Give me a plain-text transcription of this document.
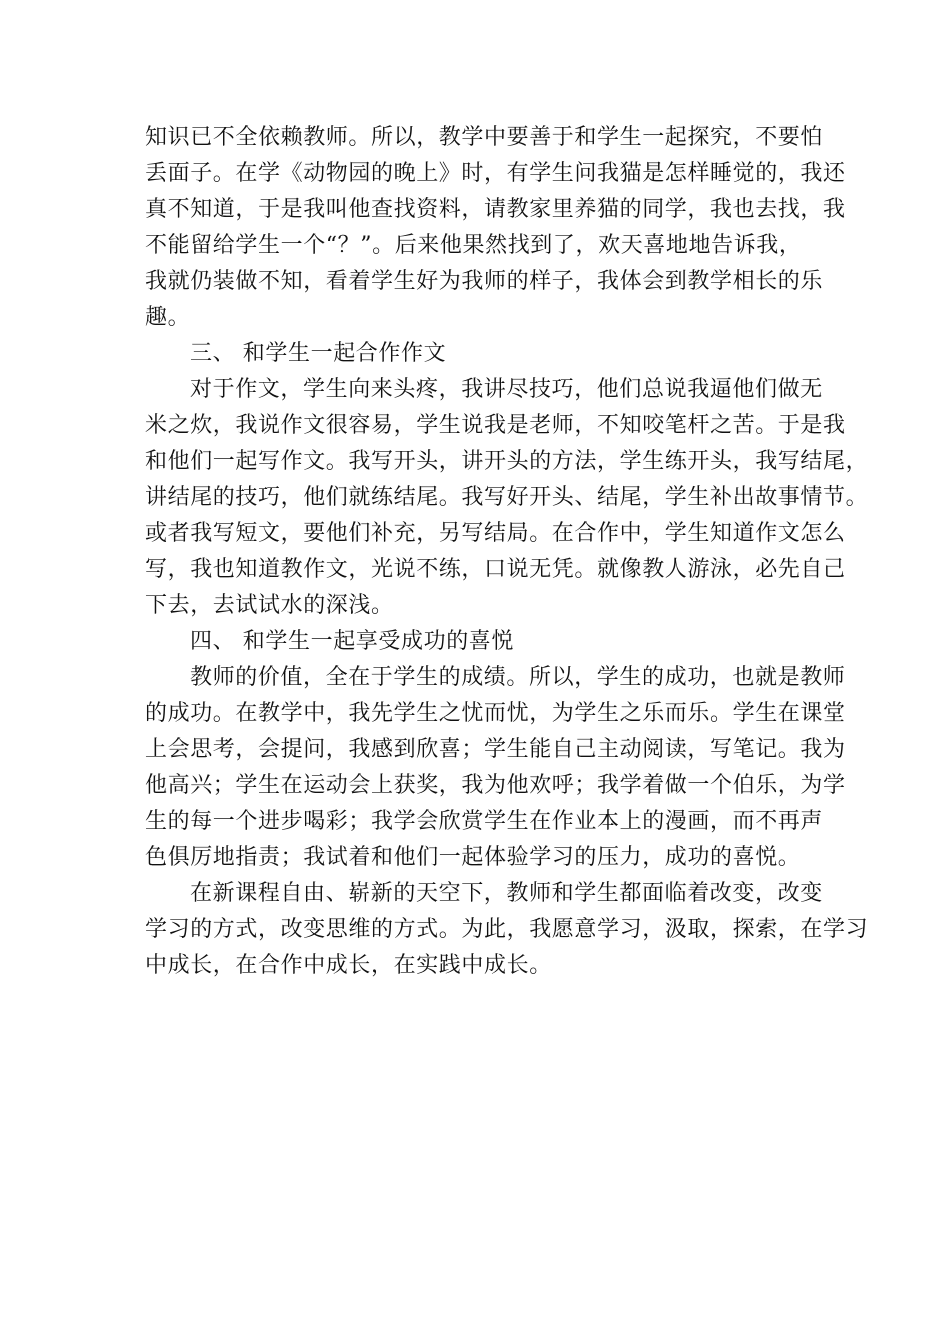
知识已不全依赖教师。所以，教学中要善于和学生一起探究，不要怕
丢面子。在学《动物园的晚上》时，有学生问我猫是怎样睡觉的，我还
真不知道，于是我叫他查找资料，请教家里养猫的同学，我也去找，我
不能留给学生一个“？”。后来他果然找到了，欢天喜地地告诉我，
我就仍装做不知，看着学生好为我师的样子，我体会到教学相长的乐
趣。
三、 和学生一起合作作文
对于作文，学生向来头疼，我讲尽技巧，他们总说我逼他们做无
米之炊，我说作文很容易，学生说我是老师，不知咬笔杆之苦。于是我
和他们一起写作文。我写开头，讲开头的方法，学生练开头，我写结尾，
讲结尾的技巧，他们就练结尾。我写好开头、结尾，学生补出故事情节。
或者我写短文，要他们补充，另写结局。在合作中，学生知道作文怎么
写，我也知道教作文，光说不练，口说无凭。就像教人游泳，必先自己
下去，去试试水的深浅。
四、 和学生一起享受成功的喜悦
教师的价值，全在于学生的成绩。所以，学生的成功，也就是教师
的成功。在教学中，我先学生之忧而忧，为学生之乐而乐。学生在课堂
上会思考，会提问，我感到欣喜；学生能自己主动阅读，写笔记。我为
他高兴；学生在运动会上获奖，我为他欢呼；我学着做一个伯乐，为学
生的每一个进步喝彩；我学会欣赏学生在作业本上的漫画，而不再声
色俱厉地指责；我试着和他们一起体验学习的压力，成功的喜悦。
在新课程自由、崭新的天空下，教师和学生都面临着改变，改变
学习的方式，改变思维的方式。为此，我愿意学习，汲取，探索，在学习
中成长，在合作中成长，在实践中成长。
